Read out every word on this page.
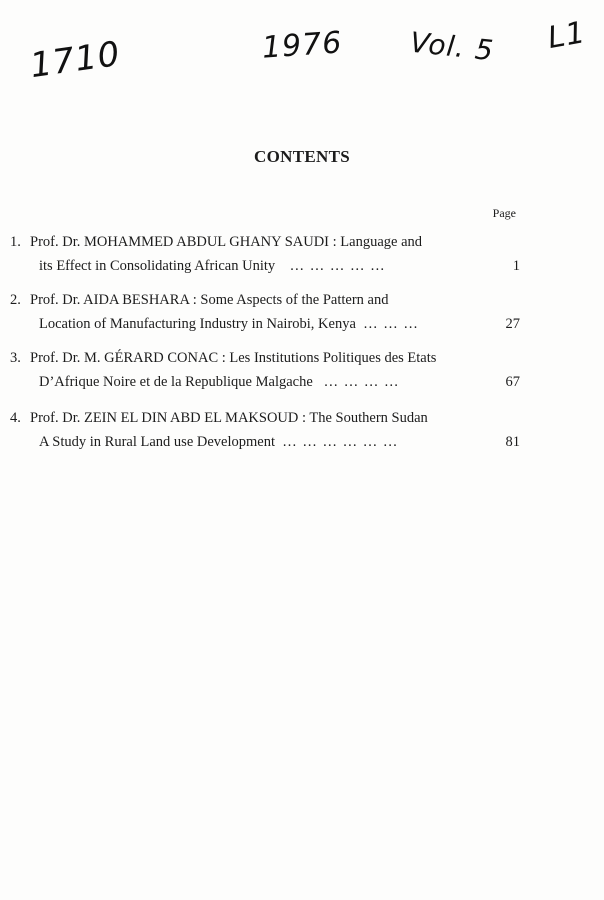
1710	1976 Vol. 5 L1
CONTENTS
Page
1. Prof. Dr. MOHAMMED ABDUL GHANY SAUDI : Language and
its Effect in Consolidating African Unity … … … … …	1
2. Prof. Dr. AIDA BESHARA : Some Aspects of the Pattern and
Location of Manufacturing Industry in Nairobi, Kenya … … …	27
3. Prof. Dr. M. GÉRARD CONAC : Les Institutions Politiques des Etats
D’Afrique Noire et de la Republique Malgache … … … …	67
4. Prof. Dr. ZEIN EL DIN ABD EL MAKSOUD : The Southern Sudan
A Study in Rural Land use Development … … … … … …	81
